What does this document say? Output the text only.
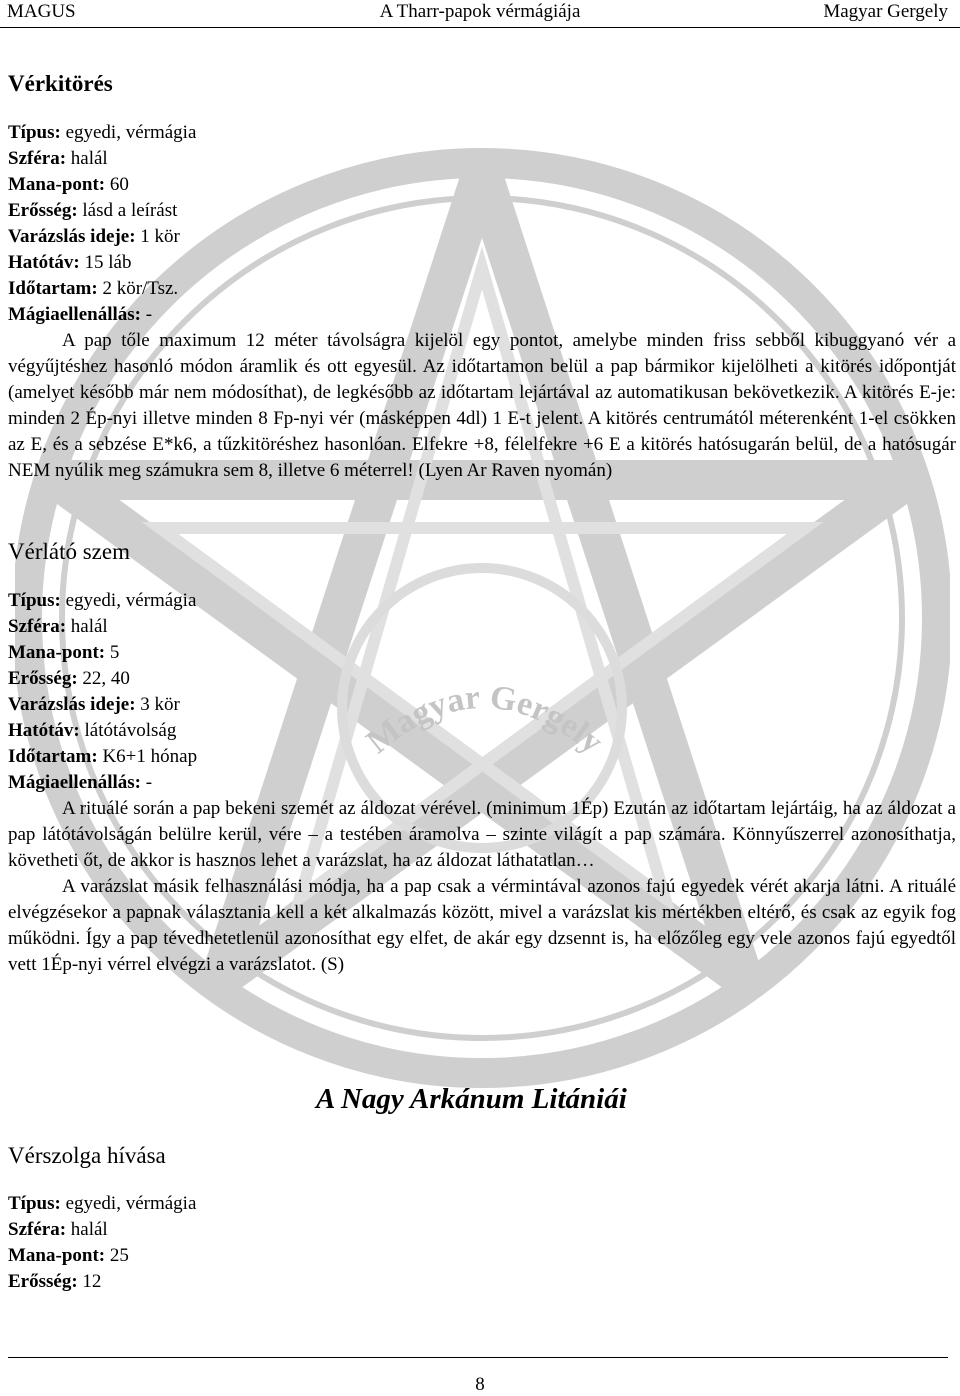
Magyar Gergely
MAGUS	A Tharr-papok vérmágiája	Magyar Gergely
Vérkitörés
Típus: egyedi, vérmágia
Szféra: halál
Mana-pont: 60
Erősség: lásd a leírást
Varázslás ideje: 1 kör
Hatótáv: 15 láb
Időtartam: 2 kör/Tsz.
Mágiaellenállás: -

A pap tőle maximum 12 méter távolságra kijelöl egy pontot, amelybe minden friss sebből kibuggyanó vér a végyűjtéshez hasonló módon áramlik és ott egyesül. Az időtartamon belül a pap bármikor kijelölheti a kitörés időpontját (amelyet később már nem módosíthat), de legkésőbb az időtartam lejártával az automatikusan bekövetkezik. A kitörés E-je: minden 2 Ép-nyi illetve minden 8 Fp-nyi vér (másképpen 4dl) 1 E-t jelent. A kitörés centrumától méterenként 1-el csökken az E, és a sebzése E*k6, a tűzkitöréshez hasonlóan. Elfekre +8, félelfekre +6 E a kitörés hatósugarán belül, de a hatósugár NEM nyúlik meg számukra sem 8, illetve 6 méterrel! (Lyen Ar Raven nyomán)

Vérlátó szem
Típus: egyedi, vérmágia
Szféra: halál
Mana-pont: 5
Erősség: 22, 40
Varázslás ideje: 3 kör
Hatótáv: látótávolság
Időtartam: K6+1 hónap
Mágiaellenállás: -

A rituálé során a pap bekeni szemét az áldozat vérével. (minimum 1Ép) Ezután az időtartam lejártáig, ha az áldozat a pap látótávolságán belülre kerül, vére – a testében áramolva – szinte világít a pap számára. Könnyűszerrel azonosíthatja, követheti őt, de akkor is hasznos lehet a varázslat, ha az áldozat láthatatlan…

A varázslat másik felhasználási módja, ha a pap csak a vérmintával azonos fajú egyedek vérét akarja látni. A rituálé elvégzésekor a papnak választania kell a két alkalmazás között, mivel a varázslat kis mértékben eltérő, és csak az egyik fog működni. Így a pap tévedhetetlenül azonosíthat egy elfet, de akár egy dzsennt is, ha előzőleg egy vele azonos fajú egyedtől vett 1Ép-nyi vérrel elvégzi a varázslatot. (S)

A Nagy Arkánum Litániái
Vérszolga hívása
Típus: egyedi, vérmágia
Szféra: halál
Mana-pont: 25
Erősség: 12
8
